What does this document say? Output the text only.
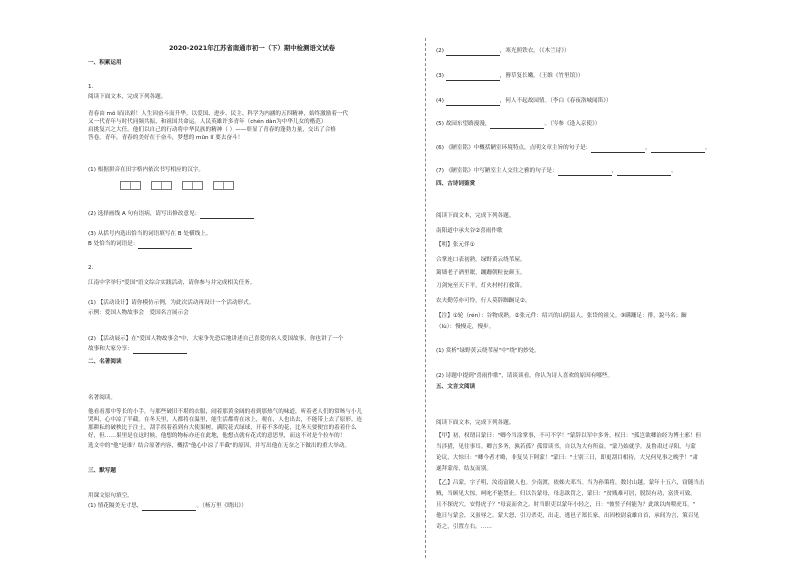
2020-2021年江苏省南通市初一（下）期中检测语文试卷
一、积累运用
1.
阅读下面文本，完成下列各题。
青春由 mǒ ǐ而出彩！人生因奋斗而升华。以爱国、进步、民主、科学为内涵的五四精神，始终激励着一代
又一代青年与时代同频共振，和祖国共命运。人民英雄许多青年（chén dàn为中华儿女的楷范）
肩挑复兴之大任。他们以自己的行动将中华民族的精神（ ）——彰显了青春的蓬勃力量，交出了合格
答卷。青年，青春的美好在于奋斗，梦想的 mǔn lǐ 要去奋斗！
(1) 根据拼音在田字格内依次书写相应的汉字。
(2) 选择画线 A 句有语病，请写出修改意见：
(3) 从括号内选出恰当的词语填写在 B 处横线上。
B 处恰当的词语是：
2.
江南中学举行"爱国"语文综合实践活动，请你参与并完成相关任务。
(1) 【活动设计】请你模仿示例，为此次活动再设计一个活动形式。
示例：爱国人物故事会　爱国名言展示会
(2) 【活动展示】在"爱国人物故事会"中，大家争先恐后地讲述自己喜爱的名人爱国故事，你也讲了一个
故事和大家分享：
二、名著阅读
名著阅读。
他看看那中等长的小手，与那些破旧不堪的衣服，闹着那黄金阔的看到那热气的味道，听着老人们的常咳与小儿
哭叫，心中凉了半截。在冬天里，人都将在温里，能生活都将在冰上，观在，人也出去，不能带上去了原形。连
那耕耘的破秧比于注土，刮手拐着着到有大使果树，满院花式绿球，开着不多的花，比冬天要便宜的着着什么
好，但……果里是在这时候，他想的物标亦还在此地，他想点就有花式的意思里，而这不对是个拉车的！
选文中的"他"是谁？结合原著内容，概括"他心中凉了半截"的原因，并写出他在无奈之下做出的重大举动。
三、默写题
用课文原句填空。
(1) 情花隔美无寸思，	。（杨万里《晓出》）
(2)	，寒光照铁衣。（《木兰诗》）
(3)	，簪草复长嫩。（王维《竹里馆》）
(4)	，何人不起故园情。（李白《春夜洛城闻笛》）
(5) 故园东望路漫漫，	。（岑参《逢入京使》）
(6) 《陋室铭》中概括陋室环境特点，点明文章主旨的句子是：	，	。
(7) 《陋室铭》中写陋室主人交往之雅的句子是：	，	。
四、古诗词鉴赏
阅读下面文本，完成下列各题。
南阳道中承夫谷②喜雨作歌
【明】张元伴①
合掌连口表初熟，绿野黄云绕苇屋。
篱墙老子酒里眠，蹦跚朝粒瓮颜玉。
刀剑宛至天下平，灯火村村打救笛。
农夫勤劳亦可怜，行人莫辞踟蹰足②。
【注】①轮（rén）：谷物成熟。②张元件：绍兴的山阴县人，张岱的祖父。③蹒跚足：徘，貌马名；蹰
（lù）：慢慢走，慢步。
(1) 赏析"绿野黄云绕苇屋"中"绕"的妙处。
(2) 诗题中提到"喜雨作歌"，请谈谈看，你认为诗人喜欢的原因有哪些。
五、文言文阅读
阅读下面文本，完成下列各题。
【甲】初，权谓吕蒙曰："卿今当涂掌事，不可不学！"蒙辞以军中多务。权曰："孤岂欲卿治经为博士邪！但
当涉猎，见往事耳。卿言多务，孰若孤？孤常读书，自以为大有所益。"蒙乃始就学。及鲁肃过寻阳，与蒙
论议，大惊曰："卿今者才略，非复吴下阿蒙！"蒙曰："士别三日，即更刮目相待，大兄何见事之晚乎！"肃
遂拜蒙母，结友而别。
【乙】吕蒙，字子明，汝南富陂人也。少南渡，依姊夫邓当。当为孙策将，数讨山越。蒙年十五六，窃随当击
贼，当顾见大惊，呵叱不能禁止。归以告蒙母，母恚欲罚之，蒙曰："贫贱难可居，脱误有功，富贵可致。
且不探虎穴，安得虎子？"母哀而舍之。时当职吏以蒙年小轻之，曰："彼竖子何能为？此欲以肉喂虎耳。"
他日与蒙会，又蚩辱之。蒙大怒，引刀杀吏，出走，逃邑子郑长家。出因校尉袁雄自首，承间为言，策召见
奇之，引置左右。……
